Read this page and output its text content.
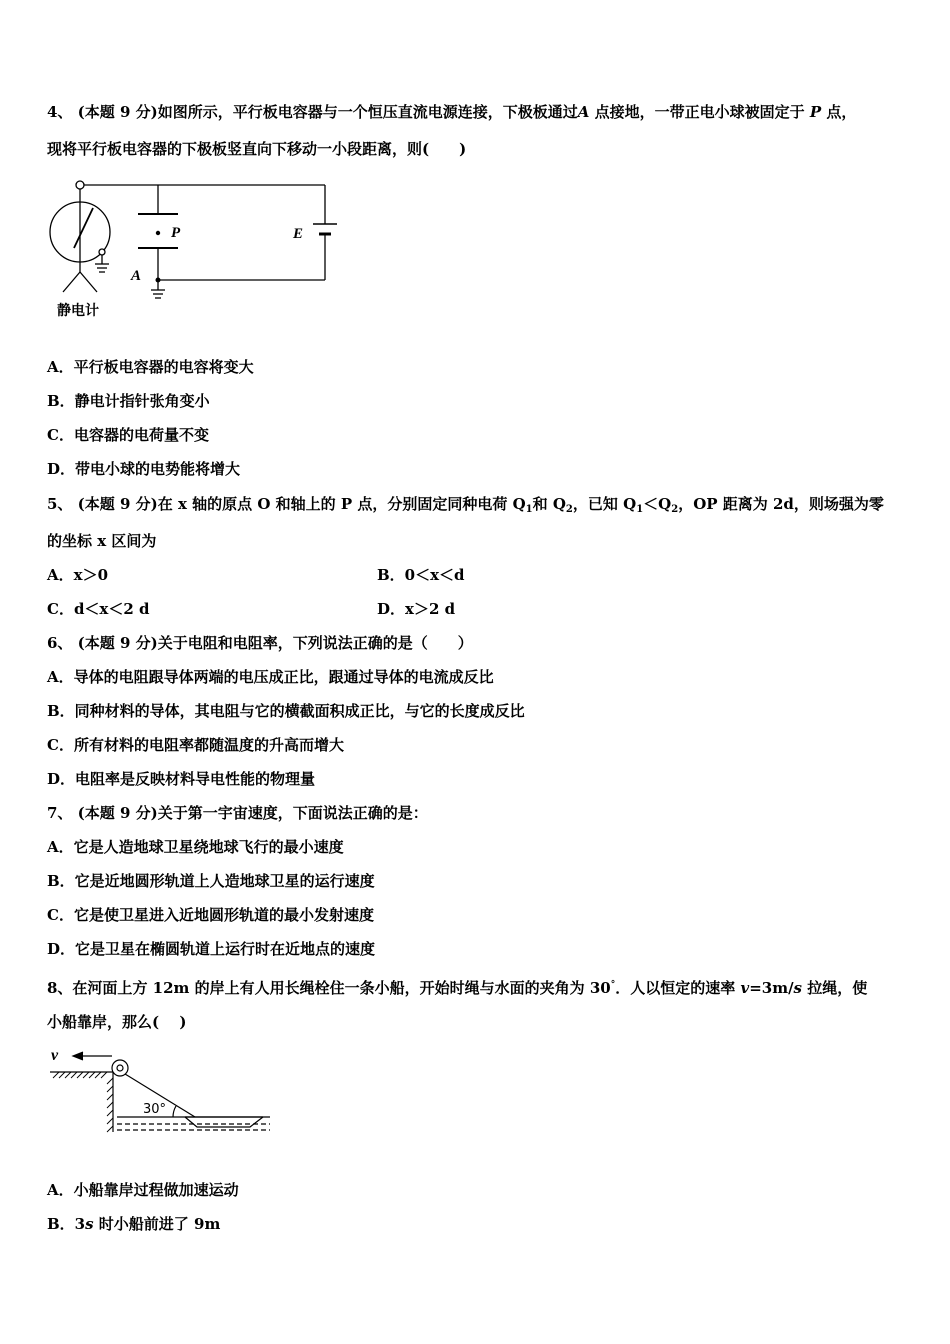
4、 (本题 9 分)如图所示，平行板电容器与一个恒压直流电源连接，下极板通过A 点接地，一带正电小球被固定于 P 点，
现将平行板电容器的下极板竖直向下移动一小段距离，则(　　)
P	E
A
静电计
A．平行板电容器的电容将变大
B．静电计指针张角变小
C．电容器的电荷量不变
D．带电小球的电势能将增大
5、 (本题 9 分)在 x 轴的原点 O 和轴上的 P 点，分别固定同种电荷 $Q_1$和 $Q_2$，已知 $Q_1<Q_2$，OP 距离为 2d，则场强为零
的坐标 x 区间为
A．x＞0	B．0＜x＜d
C．d＜x＜2 d	D．x＞2 d
6、 (本题 9 分)关于电阻和电阻率，下列说法正确的是（　　）
A．导体的电阻跟导体两端的电压成正比，跟通过导体的电流成反比
B．同种材料的导体，其电阻与它的横截面积成正比，与它的长度成反比
C．所有材料的电阻率都随温度的升高而增大
D．电阻率是反映材料导电性能的物理量
7、 (本题 9 分)关于第一宇宙速度，下面说法正确的是：
A．它是人造地球卫星绕地球飞行的最小速度
B．它是近地圆形轨道上人造地球卫星的运行速度
C．它是使卫星进入近地圆形轨道的最小发射速度
D．它是卫星在椭圆轨道上运行时在近地点的速度
8、在河面上方 12m 的岸上有人用长绳栓住一条小船，开始时绳与水面的夹角为 30°．人以恒定的速率 v=3m/s 拉绳，使
小船靠岸，那么(　 )
v
30°
A．小船靠岸过程做加速运动
B．3s 时小船前进了 9m
